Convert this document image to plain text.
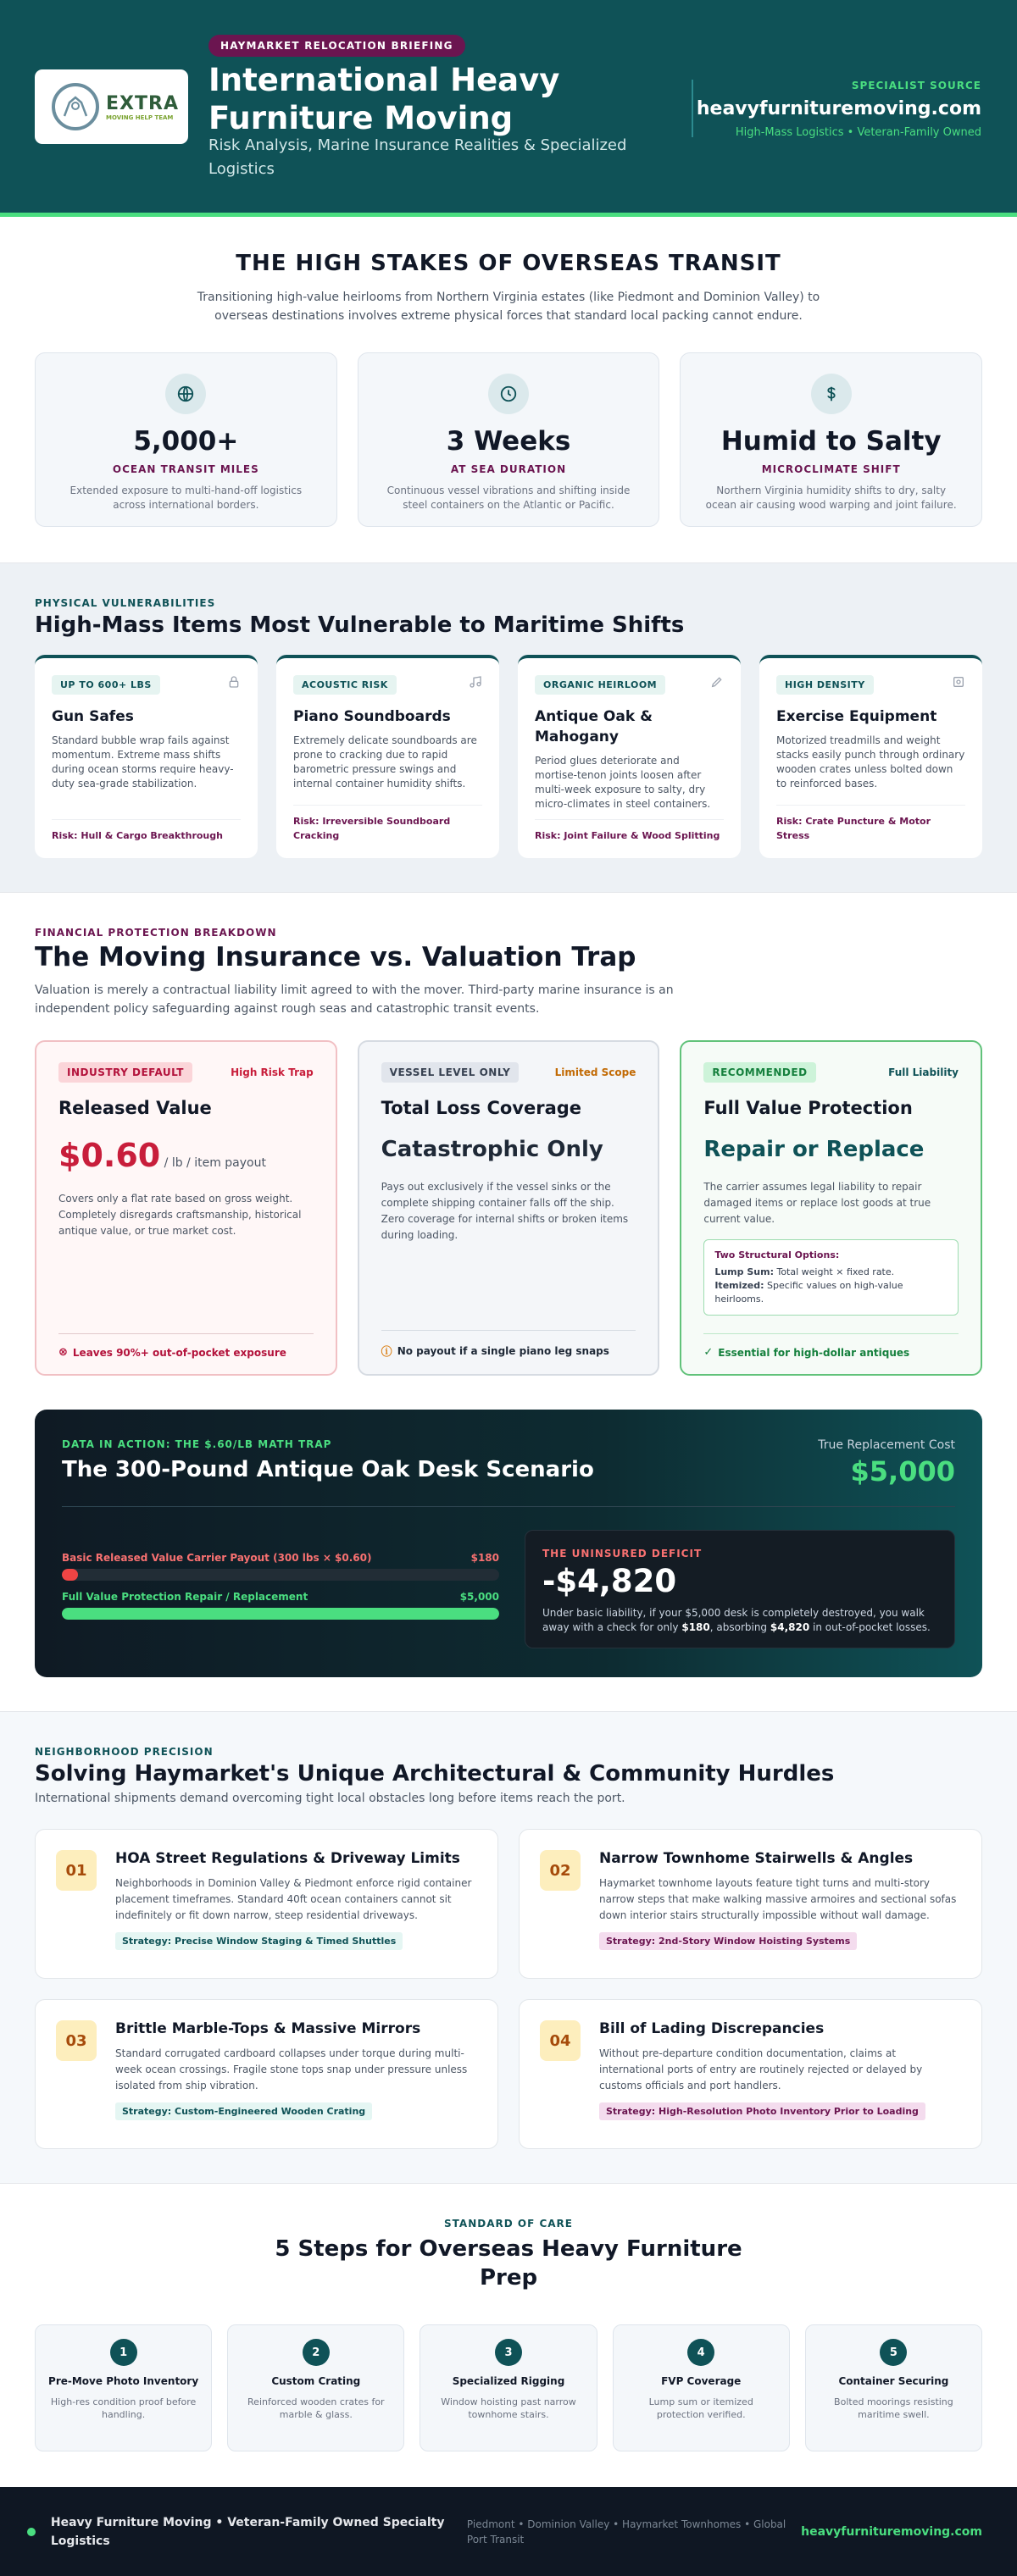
EXTRA
MOVING HELP TEAM
HAYMARKET RELOCATION BRIEFING
International Heavy Furniture Moving

Risk Analysis, Marine Insurance Realities & Specialized Logistics

SPECIALIST SOURCE
heavyfurnituremoving.com
High-Mass Logistics • Veteran-Family Owned
THE HIGH STAKES OF OVERSEAS TRANSIT

Transitioning high-value heirlooms from Northern Virginia estates (like Piedmont and Dominion Valley) to overseas destinations involves extreme physical forces that standard local packing cannot endure.

5,000+
OCEAN TRANSIT MILES
Extended exposure to multi-hand-off logistics across international borders.
3 Weeks
AT SEA DURATION
Continuous vessel vibrations and shifting inside steel containers on the Atlantic or Pacific.
Humid to Salty
MICROCLIMATE SHIFT
Northern Virginia humidity shifts to dry, salty ocean air causing wood warping and joint failure.
PHYSICAL VULNERABILITIES
High-Mass Items Most Vulnerable to Maritime Shifts
UP TO 600+ LBS
Gun Safes
Standard bubble wrap fails against momentum. Extreme mass shifts during ocean storms require heavy-duty sea-grade stabilization.
Risk: Hull & Cargo Breakthrough
ACOUSTIC RISK
Piano Soundboards
Extremely delicate soundboards are prone to cracking due to rapid barometric pressure swings and internal container humidity shifts.
Risk: Irreversible Soundboard Cracking
ORGANIC HEIRLOOM
Antique Oak & Mahogany
Period glues deteriorate and mortise-tenon joints loosen after multi-week exposure to salty, dry micro-climates in steel containers.
Risk: Joint Failure & Wood Splitting
HIGH DENSITY
Exercise Equipment
Motorized treadmills and weight stacks easily punch through ordinary wooden crates unless bolted down to reinforced bases.
Risk: Crate Puncture & Motor Stress
FINANCIAL PROTECTION BREAKDOWN
The Moving Insurance vs. Valuation Trap

Valuation is merely a contractual liability limit agreed to with the mover. Third-party marine insurance is an independent policy safeguarding against rough seas and catastrophic transit events.

INDUSTRY DEFAULT	High Risk Trap
Released Value
$0.60 / lb / item payout
Covers only a flat rate based on gross weight. Completely disregards craftsmanship, historical antique value, or true market cost.
⊗ Leaves 90%+ out-of-pocket exposure
VESSEL LEVEL ONLY	Limited Scope
Total Loss Coverage
Catastrophic Only
Pays out exclusively if the vessel sinks or the complete shipping container falls off the ship. Zero coverage for internal shifts or broken items during loading.
ⓘ No payout if a single piano leg snaps
RECOMMENDED	Full Liability
Full Value Protection
Repair or Replace
The carrier assumes legal liability to repair damaged items or replace lost goods at true current value.
Two Structural Options:
Lump Sum: Total weight × fixed rate.
Itemized: Specific values on high-value heirlooms.
✓ Essential for high-dollar antiques
DATA IN ACTION: THE $.60/LB MATH TRAP
The 300-Pound Antique Oak Desk Scenario
True Replacement Cost
$5,000
Basic Released Value Carrier Payout (300 lbs × $0.60)	$180
Full Value Protection Repair / Replacement	$5,000
THE UNINSURED DEFICIT
-$4,820
Under basic liability, if your $5,000 desk is completely destroyed, you walk away with a check for only $180, absorbing $4,820 in out-of-pocket losses.
NEIGHBORHOOD PRECISION
Solving Haymarket's Unique Architectural & Community Hurdles

International shipments demand overcoming tight local obstacles long before items reach the port.

01
HOA Street Regulations & Driveway Limits
Neighborhoods in Dominion Valley & Piedmont enforce rigid container placement timeframes. Standard 40ft ocean containers cannot sit indefinitely or fit down narrow, steep residential driveways.
Strategy: Precise Window Staging & Timed Shuttles
02
Narrow Townhome Stairwells & Angles
Haymarket townhome layouts feature tight turns and multi-story narrow steps that make walking massive armoires and sectional sofas down interior stairs structurally impossible without wall damage.
Strategy: 2nd-Story Window Hoisting Systems
03
Brittle Marble-Tops & Massive Mirrors
Standard corrugated cardboard collapses under torque during multi-week ocean crossings. Fragile stone tops snap under pressure unless isolated from ship vibration.
Strategy: Custom-Engineered Wooden Crating
04
Bill of Lading Discrepancies
Without pre-departure condition documentation, claims at international ports of entry are routinely rejected or delayed by customs officials and port handlers.
Strategy: High-Resolution Photo Inventory Prior to Loading
STANDARD OF CARE
5 Steps for Overseas Heavy Furniture Prep
1
Pre-Move Photo Inventory
High-res condition proof before handling.
2
Custom Crating
Reinforced wooden crates for marble & glass.
3
Specialized Rigging
Window hoisting past narrow townhome stairs.
4
FVP Coverage
Lump sum or itemized protection verified.
5
Container Securing
Bolted moorings resisting maritime swell.
Heavy Furniture Moving • Veteran-Family Owned Specialty Logistics
Piedmont • Dominion Valley • Haymarket Townhomes • Global Port Transit
heavyfurnituremoving.com
